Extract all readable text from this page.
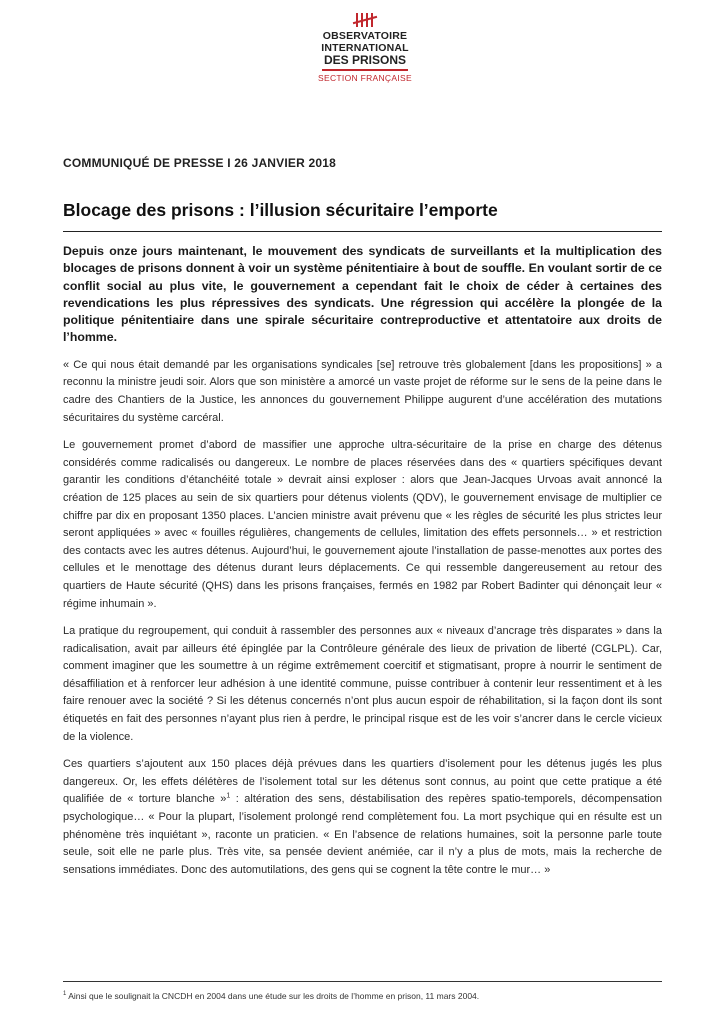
OBSERVATOIRE INTERNATIONAL
DES PRISONS
SECTION FRANÇAISE
COMMUNIQUÉ DE PRESSE I 26 JANVIER 2018
Blocage des prisons : l’illusion sécuritaire l’emporte

Depuis onze jours maintenant, le mouvement des syndicats de surveillants et la multiplication des blocages de prisons donnent à voir un système pénitentiaire à bout de souffle. En voulant sortir de ce conflit social au plus vite, le gouvernement a cependant fait le choix de céder à certaines des revendications les plus répressives des syndicats. Une régression qui accélère la plongée de la politique pénitentiaire dans une spirale sécuritaire contreproductive et attentatoire aux droits de l’homme.

« Ce qui nous était demandé par les organisations syndicales [se] retrouve très globalement [dans les propositions] » a reconnu la ministre jeudi soir. Alors que son ministère a amorcé un vaste projet de réforme sur le sens de la peine dans le cadre des Chantiers de la Justice, les annonces du gouvernement Philippe augurent d’une accélération des mutations sécuritaires du système carcéral.

Le gouvernement promet d’abord de massifier une approche ultra-sécuritaire de la prise en charge des détenus considérés comme radicalisés ou dangereux. Le nombre de places réservées dans des « quartiers spécifiques devant garantir les conditions d’étanchéité totale » devrait ainsi exploser : alors que Jean-Jacques Urvoas avait annoncé la création de 125 places au sein de six quartiers pour détenus violents (QDV), le gouvernement envisage de multiplier ce chiffre par dix en proposant 1350 places. L’ancien ministre avait prévenu que « les règles de sécurité les plus strictes leur seront appliquées » avec « fouilles régulières, changements de cellules, limitation des effets personnels… » et restriction des contacts avec les autres détenus. Aujourd’hui, le gouvernement ajoute l’installation de passe-menottes aux portes des cellules et le menottage des détenus durant leurs déplacements. Ce qui ressemble dangereusement au retour des quartiers de Haute sécurité (QHS) dans les prisons françaises, fermés en 1982 par Robert Badinter qui dénonçait leur « régime inhumain ».

La pratique du regroupement, qui conduit à rassembler des personnes aux « niveaux d’ancrage très disparates » dans la radicalisation, avait par ailleurs été épinglée par la Contrôleure générale des lieux de privation de liberté (CGLPL). Car, comment imaginer que les soumettre à un régime extrêmement coercitif et stigmatisant, propre à nourrir le sentiment de désaffiliation et à renforcer leur adhésion à une identité commune, puisse contribuer à contenir leur ressentiment et à les faire renouer avec la société ? Si les détenus concernés n’ont plus aucun espoir de réhabilitation, si la façon dont ils sont étiquetés en fait des personnes n’ayant plus rien à perdre, le principal risque est de les voir s’ancrer dans le cercle vicieux de la violence.

Ces quartiers s’ajoutent aux 150 places déjà prévues dans les quartiers d’isolement pour les détenus jugés les plus dangereux. Or, les effets délétères de l’isolement total sur les détenus sont connus, au point que cette pratique a été qualifiée de « torture blanche »$^1$ : altération des sens, déstabilisation des repères spatio-temporels, décompensation psychologique… « Pour la plupart, l’isolement prolongé rend complètement fou. La mort psychique qui en résulte est un phénomène très inquiétant », raconte un praticien. « En l’absence de relations humaines, soit la personne parle toute seule, soit elle ne parle plus. Très vite, sa pensée devient anémiée, car il n’y a plus de mots, mais la recherche de sensations immédiates. Donc des automutilations, des gens qui se cognent la tête contre le mur… »

$^1$ Ainsi que le soulignait la CNCDH en 2004 dans une étude sur les droits de l’homme en prison, 11 mars 2004.
